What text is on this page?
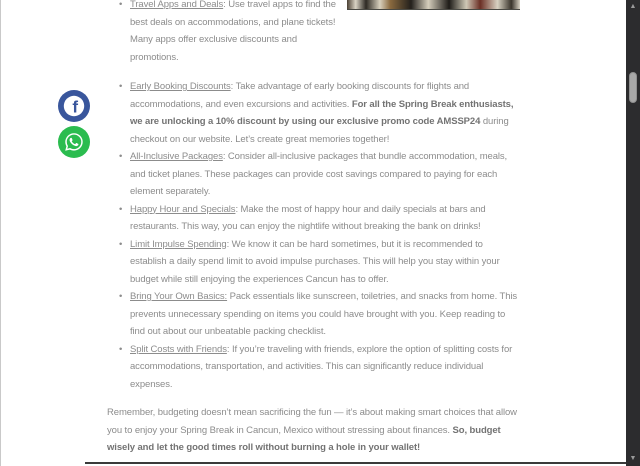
f
• Travel Apps and Deals: Use travel apps to find the best deals on accommodations, and plane tickets! Many apps offer exclusive discounts and promotions.
• Early Booking Discounts: Take advantage of early booking discounts for flights and accommodations, and even excursions and activities. For all the Spring Break enthusiasts, we are unlocking a 10% discount by using our exclusive promo code AMSSP24 during checkout on our website. Let’s create great memories together!
• All-Inclusive Packages: Consider all-inclusive packages that bundle accommodation, meals, and ticket planes. These packages can provide cost savings compared to paying for each element separately.
• Happy Hour and Specials: Make the most of happy hour and daily specials at bars and restaurants. This way, you can enjoy the nightlife without breaking the bank on drinks!
• Limit Impulse Spending: We know it can be hard sometimes, but it is recommended to establish a daily spend limit to avoid impulse purchases. This will help you stay within your budget while still enjoying the experiences Cancun has to offer.
• Bring Your Own Basics: Pack essentials like sunscreen, toiletries, and snacks from home. This prevents unnecessary spending on items you could have brought with you. Keep reading to find out about our unbeatable packing checklist.
• Split Costs with Friends: If you’re traveling with friends, explore the option of splitting costs for accommodations, transportation, and activities. This can significantly reduce individual expenses.

Remember, budgeting doesn’t mean sacrificing the fun — it’s about making smart choices that allow you to enjoy your Spring Break in Cancun, Mexico without stressing about finances. So, budget wisely and let the good times roll without burning a hole in your wallet!

▲
▼
